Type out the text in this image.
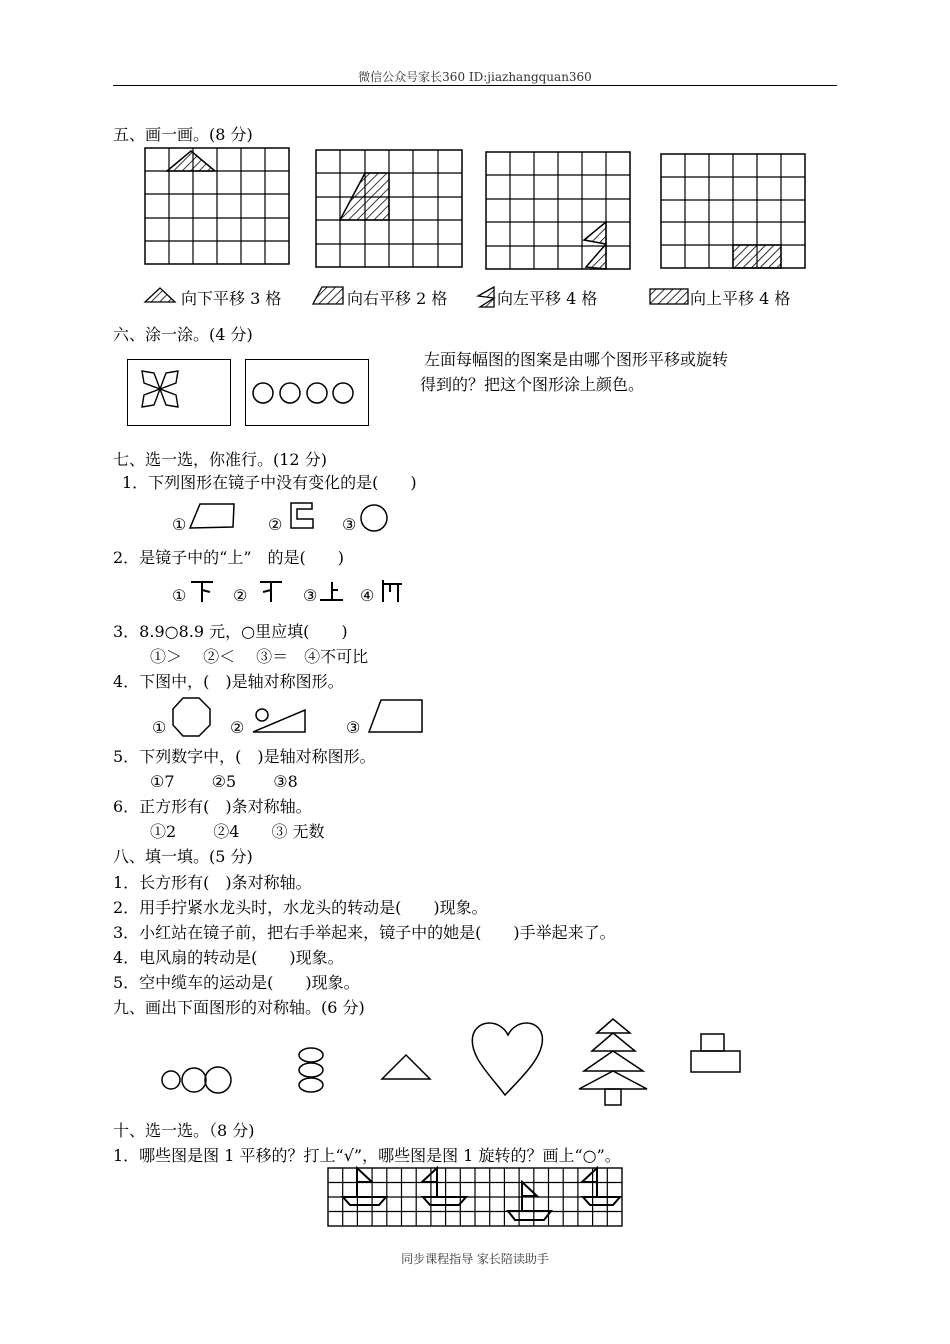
微信公众号家长360 ID:jiazhangquan360
五、画一画。(8 分)
向下平移 3 格	向右平移 2 格	向左平移 4 格	向上平移 4 格
六、涂一涂。(4 分)
左面每幅图的图案是由哪个图形平移或旋转
得到的？把这个图形涂上颜色。
七、选一选，你准行。(12 分)
1．下列图形在镜子中没有变化的是(　　)
①	②	③
2．是镜子中的“上”　的是(　　)
①	②	③	④
3．8.9○8.9 元，○里应填(　　)
①＞　 ②＜　 ③＝　④不可比
4．下图中，(　)是轴对称图形。
①	②	③
5．下列数字中，(　)是轴对称图形。
①7　　 ②5　　 ③8
6．正方形有(　)条对称轴。
①2　　 ②4　　③ 无数
八、填一填。(5 分)
1．长方形有(　)条对称轴。
2．用手拧紧水龙头时，水龙头的转动是(　　)现象。
3．小红站在镜子前，把右手举起来，镜子中的她是(　　)手举起来了。
4．电风扇的转动是(　　)现象。
5．空中缆车的运动是(　　)现象。
九、画出下面图形的对称轴。(6 分)
十、选一选。（8 分)
1．哪些图是图 1 平移的？打上“√”，哪些图是图 1 旋转的？画上“○”。
同步课程指导 家长陪读助手
